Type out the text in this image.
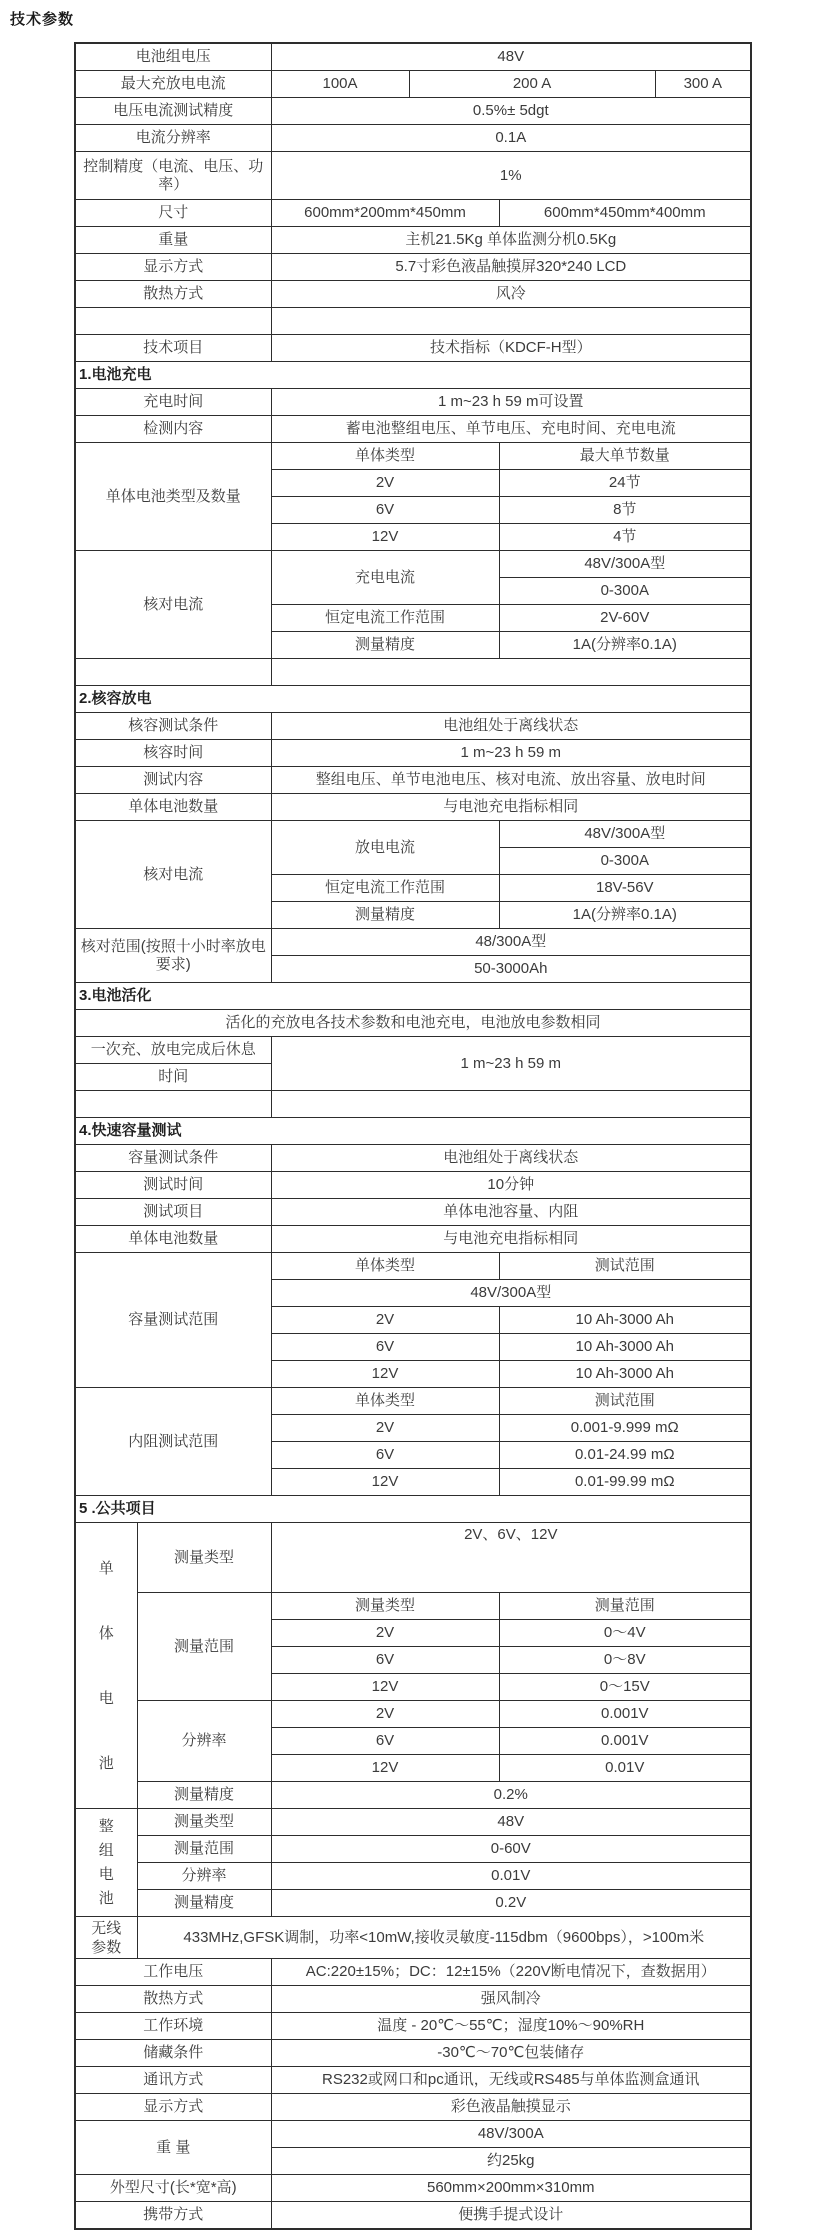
技术参数
电池组电压		48V			
最大充放电电流		100A	200 A		300 A
电压电流测试精度		0.5%± 5dgt			
电流分辨率		0.1A			
控制精度（电流、电压、功率）		1%			
尺寸		600mm*200mm*450mm		600mm*450mm*400mm	
重量		主机21.5Kg 单体监测分机0.5Kg			
显示方式		5.7寸彩色液晶触摸屏320*240 LCD			
散热方式		风冷			

技术项目		技术指标（KDCF-H型）			
1.电池充电					
充电时间		1 m~23 h 59 m可设置			
检测内容		蓄电池整组电压、单节电压、充电时间、充电电流			
单体电池类型及数量		单体类型		最大单节数量	
		2V		24节	
		6V		8节	
		12V		4节	
核对电流		充电电流		48V/300A型	
				0-300A	
		恒定电流工作范围		2V-60V	
		测量精度		1A(分辨率0.1A)	

2.核容放电					
核容测试条件		电池组处于离线状态			
核容时间		1 m~23 h 59 m			
测试内容		整组电压、单节电池电压、核对电流、放出容量、放电时间			
单体电池数量		与电池充电指标相同			
核对电流		放电电流		48V/300A型	
				0-300A	
		恒定电流工作范围		18V-56V	
		测量精度		1A(分辨率0.1A)	
核对范围(按照十小时率放电要求)		48/300A型			
		50-3000Ah			
3.电池活化					
活化的充放电各技术参数和电池充电，电池放电参数相同					
一次充、放电完成后休息		1 m~23 h 59 m			
时间					

4.快速容量测试					
容量测试条件		电池组处于离线状态			
测试时间		10分钟			
测试项目		单体电池容量、内阻			
单体电池数量		与电池充电指标相同			
容量测试范围		单体类型		测试范围	
		48V/300A型			
		2V		10 Ah-3000 Ah	
		6V		10 Ah-3000 Ah	
		12V		10 Ah-3000 Ah	
内阻测试范围		单体类型		测试范围	
		2V		0.001-9.999 mΩ	
		6V		0.01-24.99 mΩ	
		12V		0.01-99.99 mΩ	
5 .公共项目					

单体电池	测量类型	2V、6V、12V			
	测量范围	测量类型		测量范围	
		2V		0～4V	
		6V		0～8V	
		12V		0～15V	
	分辨率	2V		0.001V	
		6V		0.001V	
		12V		0.01V	
	测量精度	0.2%			

整组电池	测量类型	48V			
	测量范围	0-60V			
	分辨率	0.01V			
	测量精度	0.2V			

无线参数	433MHz,GFSK调制，功率<10mW,接收灵敏度-115dbm（9600bps），>100m米				
工作电压		AC:220±15%；DC：12±15%（220V断电情况下，查数据用）			
散热方式		强风制冷			
工作环境		温度 - 20℃～55℃；湿度10%～90%RH			
储藏条件		-30℃～70℃包装储存			
通讯方式		RS232或网口和pc通讯，无线或RS485与单体监测盒通讯			
显示方式		彩色液晶触摸显示			
重 量		48V/300A			
		约25kg			
外型尺寸(长*宽*高)		560mm×200mm×310mm			
携带方式		便携手提式设计			
